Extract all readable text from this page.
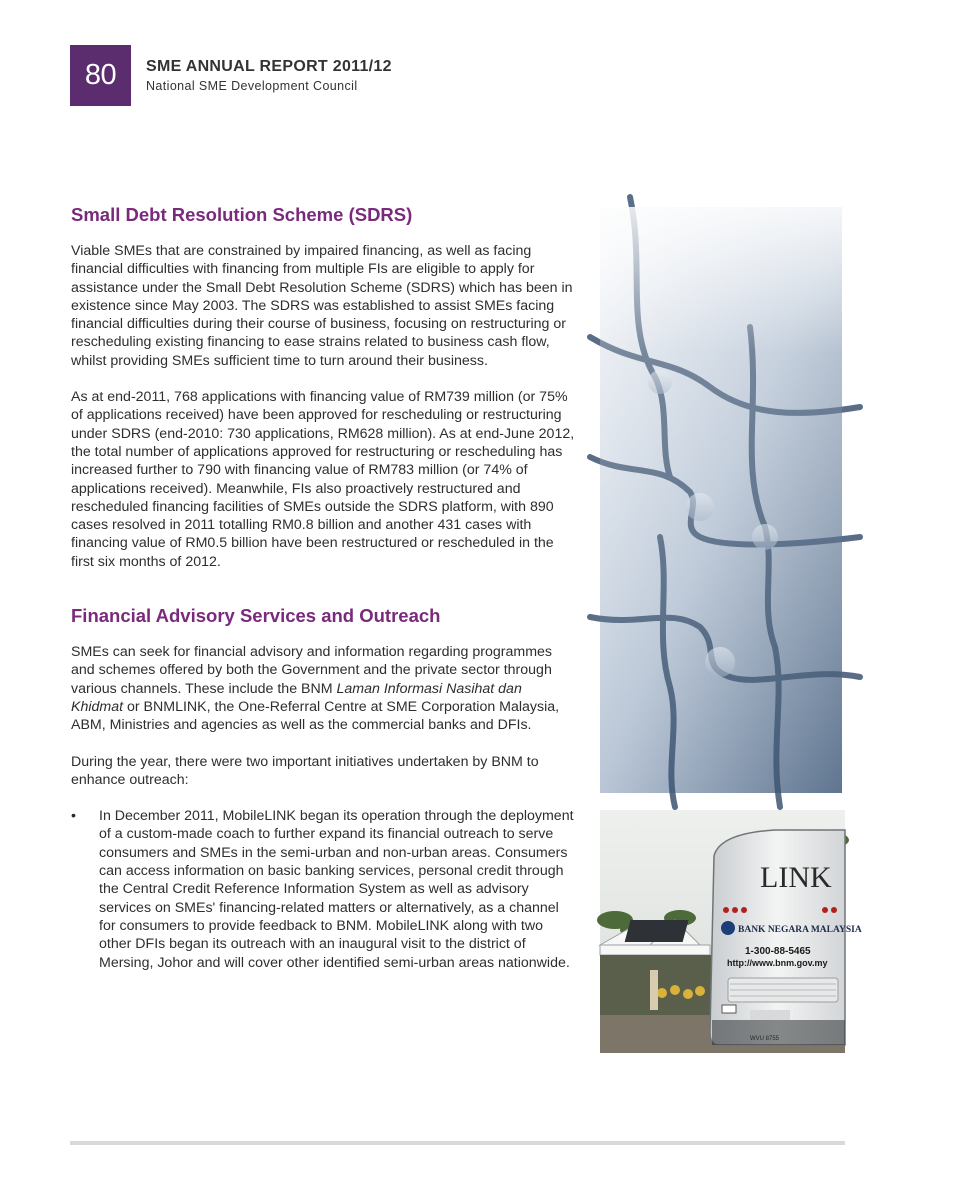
80	SME ANNUAL REPORT 2011/12
National SME Development Council
Small Debt Resolution Scheme (SDRS)

Viable SMEs that are constrained by impaired financing, as well as facing financial difficulties with financing from multiple FIs are eligible to apply for assistance under the Small Debt Resolution Scheme (SDRS) which has been in existence since May 2003. The SDRS was established to assist SMEs facing financial difficulties during their course of business, focusing on restructuring or rescheduling existing financing to ease strains related to business cash flow, whilst providing SMEs sufficient time to turn around their business.

As at end-2011, 768 applications with financing value of RM739 million (or 75% of applications received) have been approved for rescheduling or restructuring under SDRS (end-2010: 730 applications, RM628 million). As at end-June 2012, the total number of applications approved for restructuring or rescheduling has increased further to 790 with financing value of RM783 million (or 74% of applications received). Meanwhile, FIs also proactively restructured and rescheduled financing facilities of SMEs outside the SDRS platform, with 890 cases resolved in 2011 totalling RM0.8 billion and another 431 cases with financing value of RM0.5 billion have been restructured or rescheduled in the first six months of 2012.

Financial Advisory Services and Outreach

SMEs can seek for financial advisory and information regarding programmes and schemes offered by both the Government and the private sector through various channels. These include the BNM Laman Informasi Nasihat dan Khidmat or BNMLINK, the One-Referral Centre at SME Corporation Malaysia, ABM, Ministries and agencies as well as the commercial banks and DFIs.

During the year, there were two important initiatives undertaken by BNM to enhance outreach:

•	In December 2011, MobileLINK began its operation through the deployment of a custom-made coach to further expand its financial outreach to serve consumers and SMEs in the semi-urban and non-urban areas. Consumers can access information on basic banking services, personal credit through the Central Credit Reference Information System as well as advisory services on SMEs' financing-related matters or alternatively, as a channel for consumers to provide feedback to BNM. MobileLINK along with two other DFIs began its outreach with an inaugural visit to the district of Mersing, Johor and will cover other identified semi-urban areas nationwide.

LINK
BANK NEGARA MALAYSIA
1-300-88-5465
http://www.bnm.gov.my
